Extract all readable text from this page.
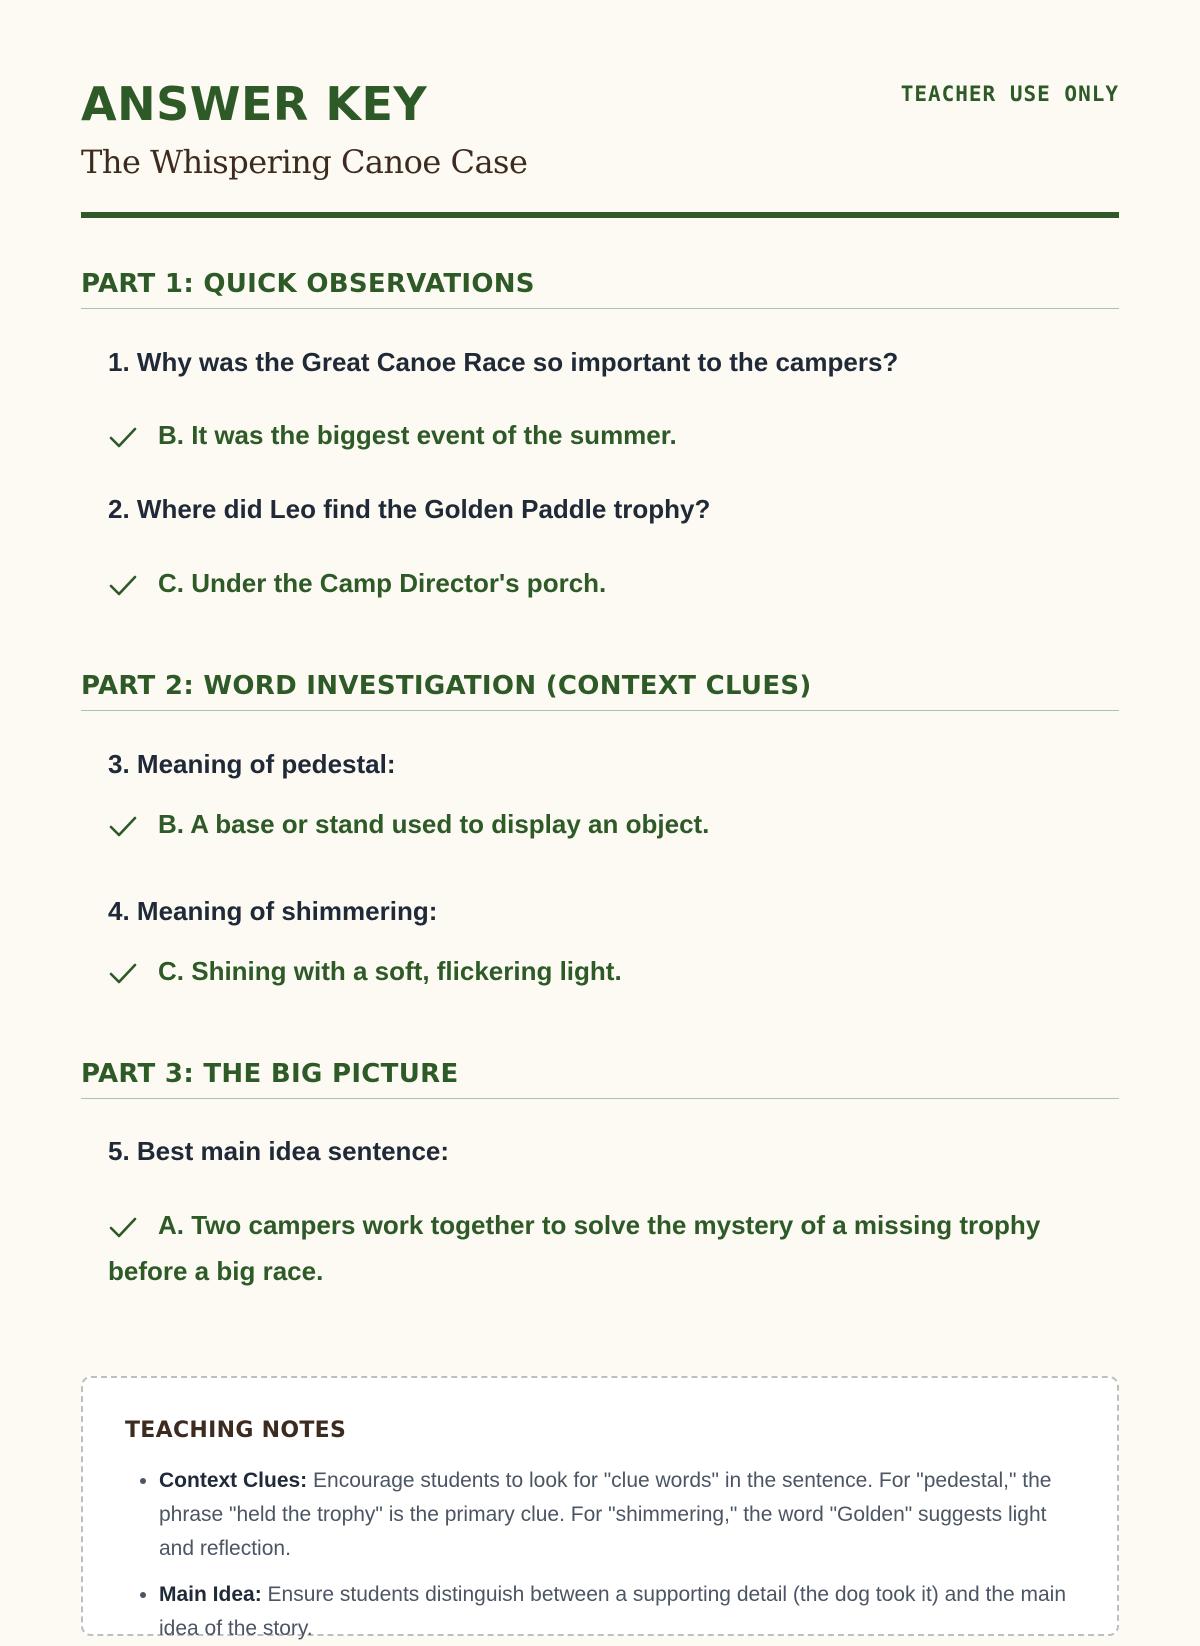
ANSWER KEY
The Whispering Canoe Case
TEACHER USE ONLY
PART 1: QUICK OBSERVATIONS
1. Why was the Great Canoe Race so important to the campers?
B. It was the biggest event of the summer.
2. Where did Leo find the Golden Paddle trophy?
C. Under the Camp Director's porch.
PART 2: WORD INVESTIGATION (CONTEXT CLUES)
3. Meaning of pedestal:
B. A base or stand used to display an object.
4. Meaning of shimmering:
C. Shining with a soft, flickering light.
PART 3: THE BIG PICTURE
5. Best main idea sentence:
A. Two campers work together to solve the mystery of a missing trophy before a big race.
TEACHING NOTES
• Context Clues: Encourage students to look for "clue words" in the sentence. For "pedestal," the phrase "held the trophy" is the primary clue. For "shimmering," the word "Golden" suggests light and reflection.
• Main Idea: Ensure students distinguish between a supporting detail (the dog took it) and the main idea of the story.
